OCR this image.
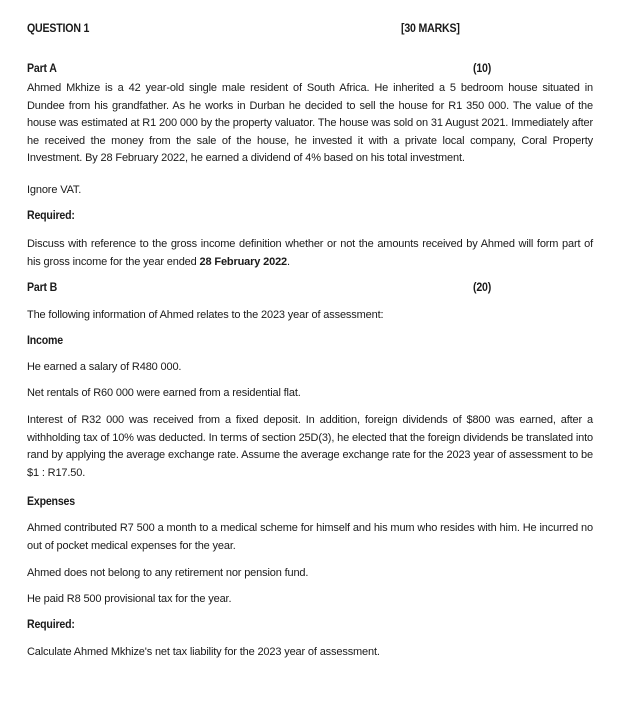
QUESTION 1	[30 MARKS]
Part A	(10)
Ahmed Mkhize is a 42 year-old single male resident of South Africa. He inherited a 5 bedroom house situated in Dundee from his grandfather. As he works in Durban he decided to sell the house for R1 350 000. The value of the house was estimated at R1 200 000 by the property valuator. The house was sold on 31 August 2021. Immediately after he received the money from the sale of the house, he invested it with a private local company, Coral Property Investment. By 28 February 2022, he earned a dividend of 4% based on his total investment.
Ignore VAT.
Required:
Discuss with reference to the gross income definition whether or not the amounts received by Ahmed will form part of his gross income for the year ended 28 February 2022.
Part B	(20)
The following information of Ahmed relates to the 2023 year of assessment:
Income
He earned a salary of R480 000.
Net rentals of R60 000 were earned from a residential flat.
Interest of R32 000 was received from a fixed deposit. In addition, foreign dividends of $800 was earned, after a withholding tax of 10% was deducted. In terms of section 25D(3), he elected that the foreign dividends be translated into rand by applying the average exchange rate. Assume the average exchange rate for the 2023 year of assessment to be $1 : R17.50.
Expenses
Ahmed contributed R7 500 a month to a medical scheme for himself and his mum who resides with him. He incurred no out of pocket medical expenses for the year.
Ahmed does not belong to any retirement nor pension fund.
He paid R8 500 provisional tax for the year.
Required:
Calculate Ahmed Mkhize's net tax liability for the 2023 year of assessment.
